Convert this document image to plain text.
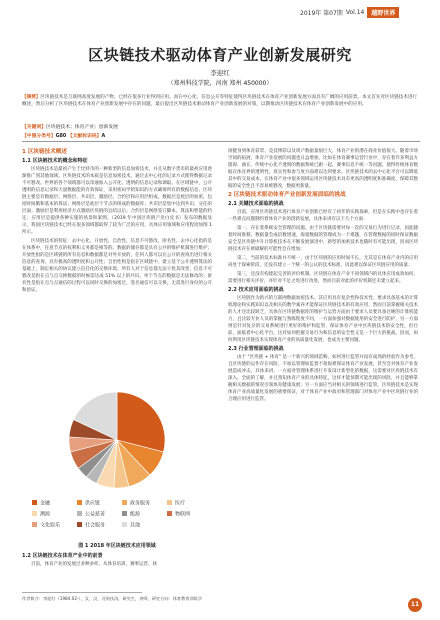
2019年 第07期 Vol.14	越野世界
区块链技术驱动体育产业创新发展研究
李迎红
（郑州科技学院，河南 郑州 450000）
【摘要】区块链技术是互联网高度发展的产物，已经在很多行业得到应用。而在中心化、信息公开等特征使得区块链技术在体育产业创新发展方面具有广阔的应用前景。本文首先对区块链技术进行概述，然后分析了区块链技术在体育产业创新发展中存在的问题，最后提出区块链技术驱动体育产业创新发展的对策，以期推动区块链技术在体育产业创新发展中的应用。
【关键词】区块链技术；体育产业；创新发展
【中图分类号】G80 【文献标识码】A
1 区块链技术概述
1.1 区块链技术的概念和特征

区块链技术是最初产生于比特币的一种新型的信息加密技术，并且从数字货币的最初应用逐渐推广到其他领域。区块链技术的本质是信息加密技术，通过去中心化的记录方式使得数据记录不可篡改。世界的各个领域都可以串通加入公开化、透明的信息记录和调取。在区域链中，公开透明的信息记录和大量数据能的有效保证，采用密码学的知识的方式确保所有的数据信息，区块链主要是有数据层、网络层、共识层、激励层、合约层和应用层组成。数据层是底层的加密，包括时间戳和基本的算法；网络层是底层个节点的组成的数据库；共识层是集中达到共识、分任的层面；激励层是利用经济方式激励区块链的总结以后；合约层是网络签订脚本、算法和智能的约定；应用层是提供各种实施的场景和案例。（2019 年中国区块链产业白皮书）发布的数据显示，我国区块链技术已经在很多领域都取得了较为广泛的应用，具体应用领域和应用程度如图 1 所示。

区块链技术的特征：去中心化、开放性、自治性、信息不可篡改、匿名性。去中心化指的是在体系中，任意节点的权利和义务都是相等的。数据的储存都是具有公共的维护机制进行维护；开放性指的是区域链的所有信息和数据都是对外开放的，任何人都可以在公开的查询出进行相关信息的查询，具有极高的透明度和公开性；自治性则是指在区域链中，建立基于公开透明算法的基础上，制定相关的协议建立信任化的交换环境，所有人对于信息都无法干扰其改变；信息不可篡改是指在点与点交换数据的时候需达成 51% 以上的共识，单个节点的数据是无法修改的；匿名性是指在点与点通信的过程可以同时交换的加密过，签名通信可以交换。无需进行身份的公开和验证。

金融	供应链	政务服务	医疗
溯源	公益慈善	能源	物联网
文化娱乐	社会服务	其他
图 1 2018 年区块链技术应用领域
1.2 区块链技术在体育产业中的前景

目前，体育产业的发展过多种多样，从体育培训、赛事运营、休

闲健身到体育彩票、竞技博彩以及周产数据量很巨大，体育产业的潜在商业价值很大。随着市场空间的拓展，体育产业发展的问题也日益增加，比如在体育赛事运营行业中，存在着许多利益方阻碍、曲在、传统中心化不透明的数据系统已跟一起、赛事信息不统一等问题，使得传统体育数据在体育界的透明性、真实性和参与度方面难以达到要求。区块链技术的去中心化平台可以降低其中的交易成本，在体育产业中很多领域运用区块链技术具有更高的透明度和准确度，保障其数据的安全性且不容易被篡改，数据更新量。

2 区块链技术驱动体育产业创新发展面临的挑战
2.1 关键技术面临的挑战

目前，应用区块链技术进行体育产业创新已经有了初步的实践探索，但是在实践中也存在着一些难点问题制约着体育产业的创新发展，具体来讲有以下几个方面：

第一，存在着系统安全管理的问题。由于区块链需要对每一次的交易行为进行记录，因此随着时间推移，数据量会成倍数增速，海量数据的管理成为一个难题，在管理数据的同时保证数据安全是区块链中升计算机技术在不断发展演进中，新型的加密技术也随时有可能出现，因而区块链技术存在被破解的可能性会在增加；

第二，当前的技术标准并不统一，由于区块链的应用时间不长，尤其是在体育产业内的应用尚处于探索阶段，还没有建立一个统一的公认的技术标准，因此难以保证区块链应用的质量；

第三，还没有构建起完善的评价机制。区块链在体育产业不同领域内的具体应用成效如何，需要进行相关评价，并针对不足之处进行改进，然而目前对此的评价机制还未建立起来。

2.2 技术应用面临的挑战

区块链作为新兴的互联网数据加密技术，其应用具有复杂性和技术性，要求具备基本的计算机理论和实践知识以及相关的数学素养才能保证区块链技术的有效应用，然而目前掌握相关技术的人才还比较缺乏，具体在区块链数据库的维护与运营方面由于要求人员要具备过硬的计算机能力，且比较专业人员的掌握与熟练程度不同，一方面加强对数据使用的安全进行防护，另一方面则是针对复杂的交易系统进行更好的维护和监管，保证体育产业中区块链技术的安全性，但目前，面临着中心化平台，这对如何把握交易行为和信息的安全性又是一个巨大的挑战。因而，如何利用区块链技术实现体育产业的高质量化发展，也成为主要问题。

2.3 行业管理面临的挑战

由于 "区块链 + 体育" 是一个新兴的领域范畴，如何进行监管并没有成熟的经验作为参考，且区块链的运作存在风险，不加以管理如监督不很很难保证体育产业发展，甚至会对体育产业发展造成冲击。具体来讲，一方面对管理体系进行开发设计新型化的数据，这需要对区块链技术有深入、全面的了解，并且熟知体育产业的具体特征，这样才能预期可能出现的风险，并且能够掌握相关数据的情况引领体育健康发展；另一方面应当对相关的领域进行监管，区块链技术是实现体育产业高质量化发展的重要保证，对于体育产业中政府和管理部门对体育产业中区块链行业的合理应用进行监管。

作者简介：李迎红（1984.02-），女，汉，河南扶沟，研究生，讲师，研究方向：体育教育训练学
11
